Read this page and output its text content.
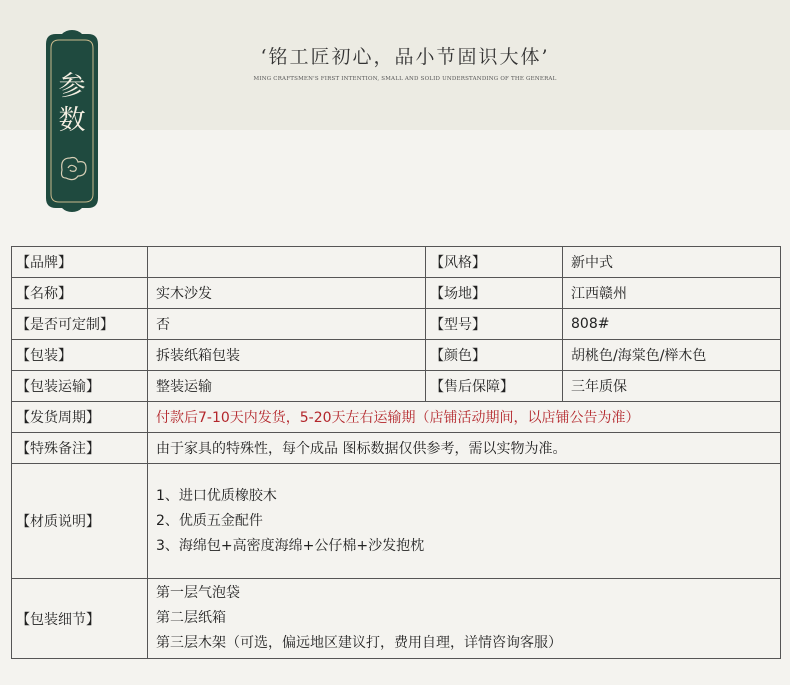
参
数
‘铭工匠初心，品小节固识大体’
MING CRAFTSMEN'S FIRST INTENTION, SMALL AND SOLID UNDERSTANDING OF THE GENERAL
【品牌】		【风格】	新中式
【名称】	实木沙发	【场地】	江西赣州
【是否可定制】	否	【型号】	808#
【包装】	拆装纸箱包装	【颜色】	胡桃色/海棠色/榉木色
【包装运输】	整装运输	【售后保障】	三年质保
【发货周期】	付款后7-10天内发货，5-20天左右运输期（店铺活动期间，以店铺公告为准）		
【特殊备注】	由于家具的特殊性，每个成品 图标数据仅供参考，需以实物为准。		
【材质说明】	1、进口优质橡胶木
2、优质五金配件
3、海绵包+高密度海绵+公仔棉+沙发抱枕		

【包装细节】	第一层气泡袋
第二层纸箱
第三层木架（可选，偏远地区建议打，费用自理，详情咨询客服）		
